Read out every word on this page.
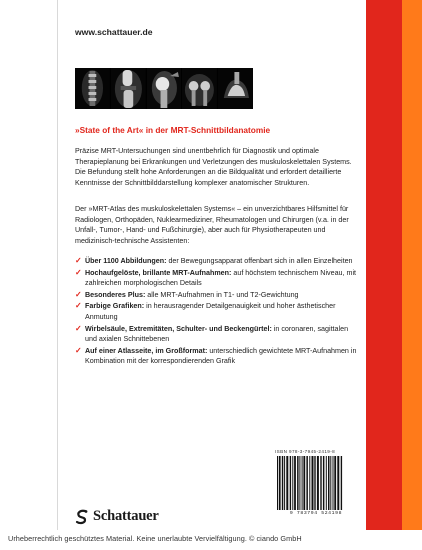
www.schattauer.de
»State of the Art« in der MRT-Schnittbildanatomie
Präzise MRT-Untersuchungen sind unentbehrlich für Diagnostik und optimale Therapieplanung bei Erkrankungen und Verletzungen des muskuloskelettalen Systems. Die Befundung stellt hohe Anforderungen an die Bildqualität und erfordert detaillierte Kenntnisse der Schnittbilddarstellung komplexer anatomischer Strukturen.
Der »MRT-Atlas des muskuloskelettalen Systems« – ein unverzichtbares Hilfsmittel für Radiologen, Orthopäden, Nuklearmediziner, Rheumatologen und Chirurgen (v.a. in der Unfall-, Tumor-, Hand- und Fußchirurgie), aber auch für Physiotherapeuten und medizinisch-technische Assistenten:
✓ Über 1100 Abbildungen: der Bewegungsapparat offenbart sich in allen Einzelheiten
✓ Hochaufgelöste, brillante MRT-Aufnahmen: auf höchstem technischem Niveau, mit zahlreichen morphologischen Details
✓ Besonderes Plus: alle MRT-Aufnahmen in T1- und T2-Gewichtung
✓ Farbige Grafiken: in herausragender Detailgenauigkeit und hoher ästhetischer Anmutung
✓ Wirbelsäule, Extremitäten, Schulter- und Beckengürtel: in coronaren, sagittalen und axialen Schnittebenen
✓ Auf einer Atlasseite, im Großformat: unterschiedlich gewichtete MRT-Aufnahmen in Kombination mit der korrespondierenden Grafik
ISBN 978-3-7945-2419-8
9 783794 524198
Schattauer
Urheberrechtlich geschütztes Material. Keine unerlaubte Vervielfältigung. © ciando GmbH
